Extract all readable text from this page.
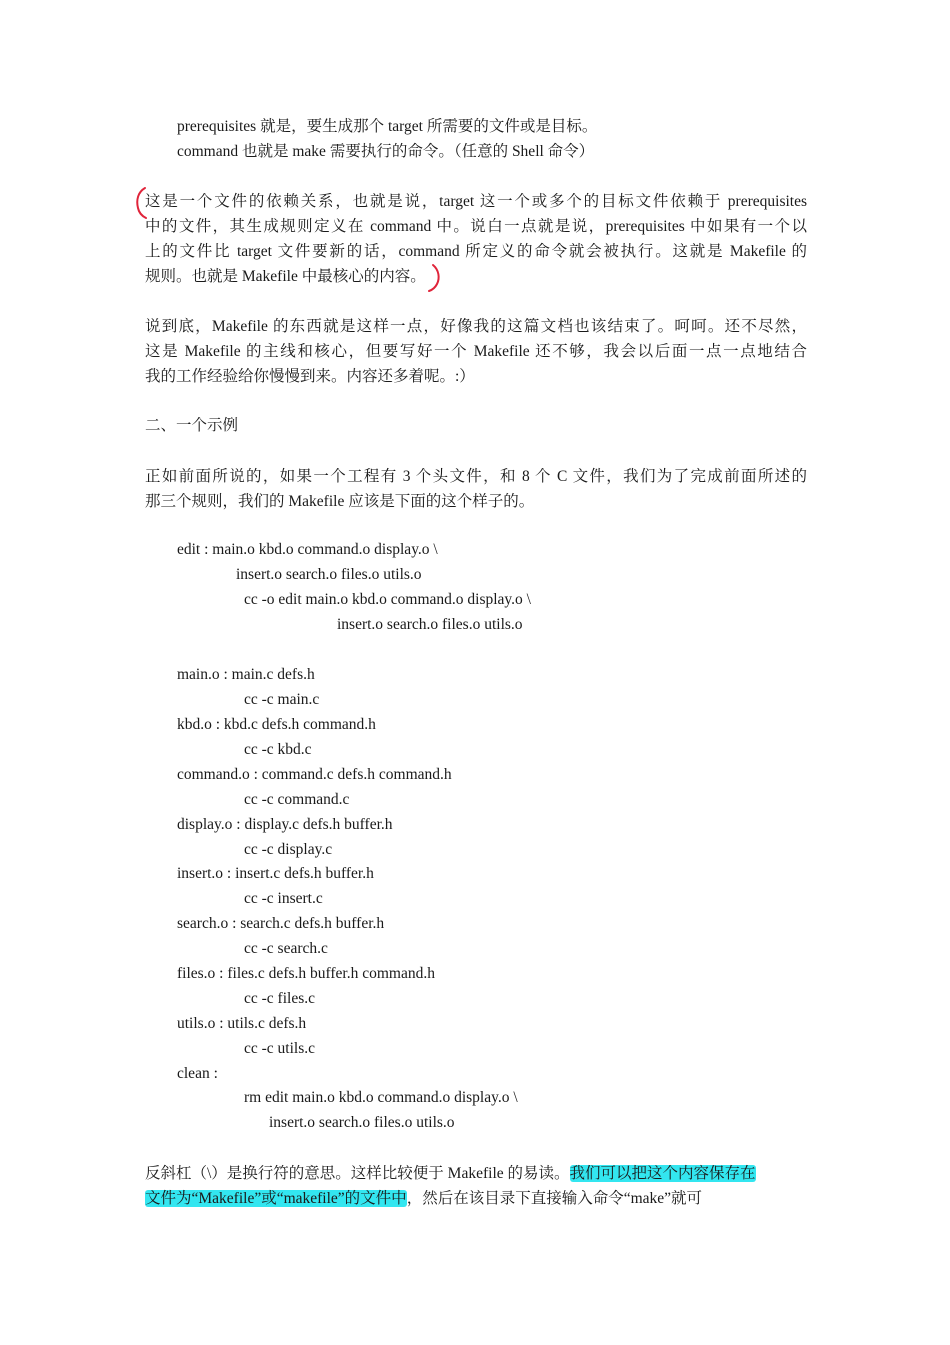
prerequisites 就是，要生成那个 target 所需要的文件或是目标。
command 也就是 make 需要执行的命令。（任意的 Shell 命令）
这是一个文件的依赖关系，也就是说，target 这一个或多个的目标文件依赖于 prerequisites
中的文件，其生成规则定义在 command 中。说白一点就是说，prerequisites 中如果有一个以
上的文件比 target 文件要新的话，command 所定义的命令就会被执行。这就是 Makefile 的
规则。也就是 Makefile 中最核心的内容。
说到底，Makefile 的东西就是这样一点，好像我的这篇文档也该结束了。呵呵。还不尽然，
这是 Makefile 的主线和核心，但要写好一个 Makefile 还不够，我会以后面一点一点地结合
我的工作经验给你慢慢到来。内容还多着呢。:）
二、一个示例
正如前面所说的，如果一个工程有 3 个头文件，和 8 个 C 文件，我们为了完成前面所述的
那三个规则，我们的 Makefile 应该是下面的这个样子的。
edit : main.o kbd.o command.o display.o \
insert.o search.o files.o utils.o
cc -o edit main.o kbd.o command.o display.o \
insert.o search.o files.o utils.o
main.o : main.c defs.h
cc -c main.c
kbd.o : kbd.c defs.h command.h
cc -c kbd.c
command.o : command.c defs.h command.h
cc -c command.c
display.o : display.c defs.h buffer.h
cc -c display.c
insert.o : insert.c defs.h buffer.h
cc -c insert.c
search.o : search.c defs.h buffer.h
cc -c search.c
files.o : files.c defs.h buffer.h command.h
cc -c files.c
utils.o : utils.c defs.h
cc -c utils.c
clean :
rm edit main.o kbd.o command.o display.o \
insert.o search.o files.o utils.o
反斜杠（\）是换行符的意思。这样比较便于 Makefile 的易读。我们可以把这个内容保存在
文件为“Makefile”或“makefile”的文件中，然后在该目录下直接输入命令“make”就可
